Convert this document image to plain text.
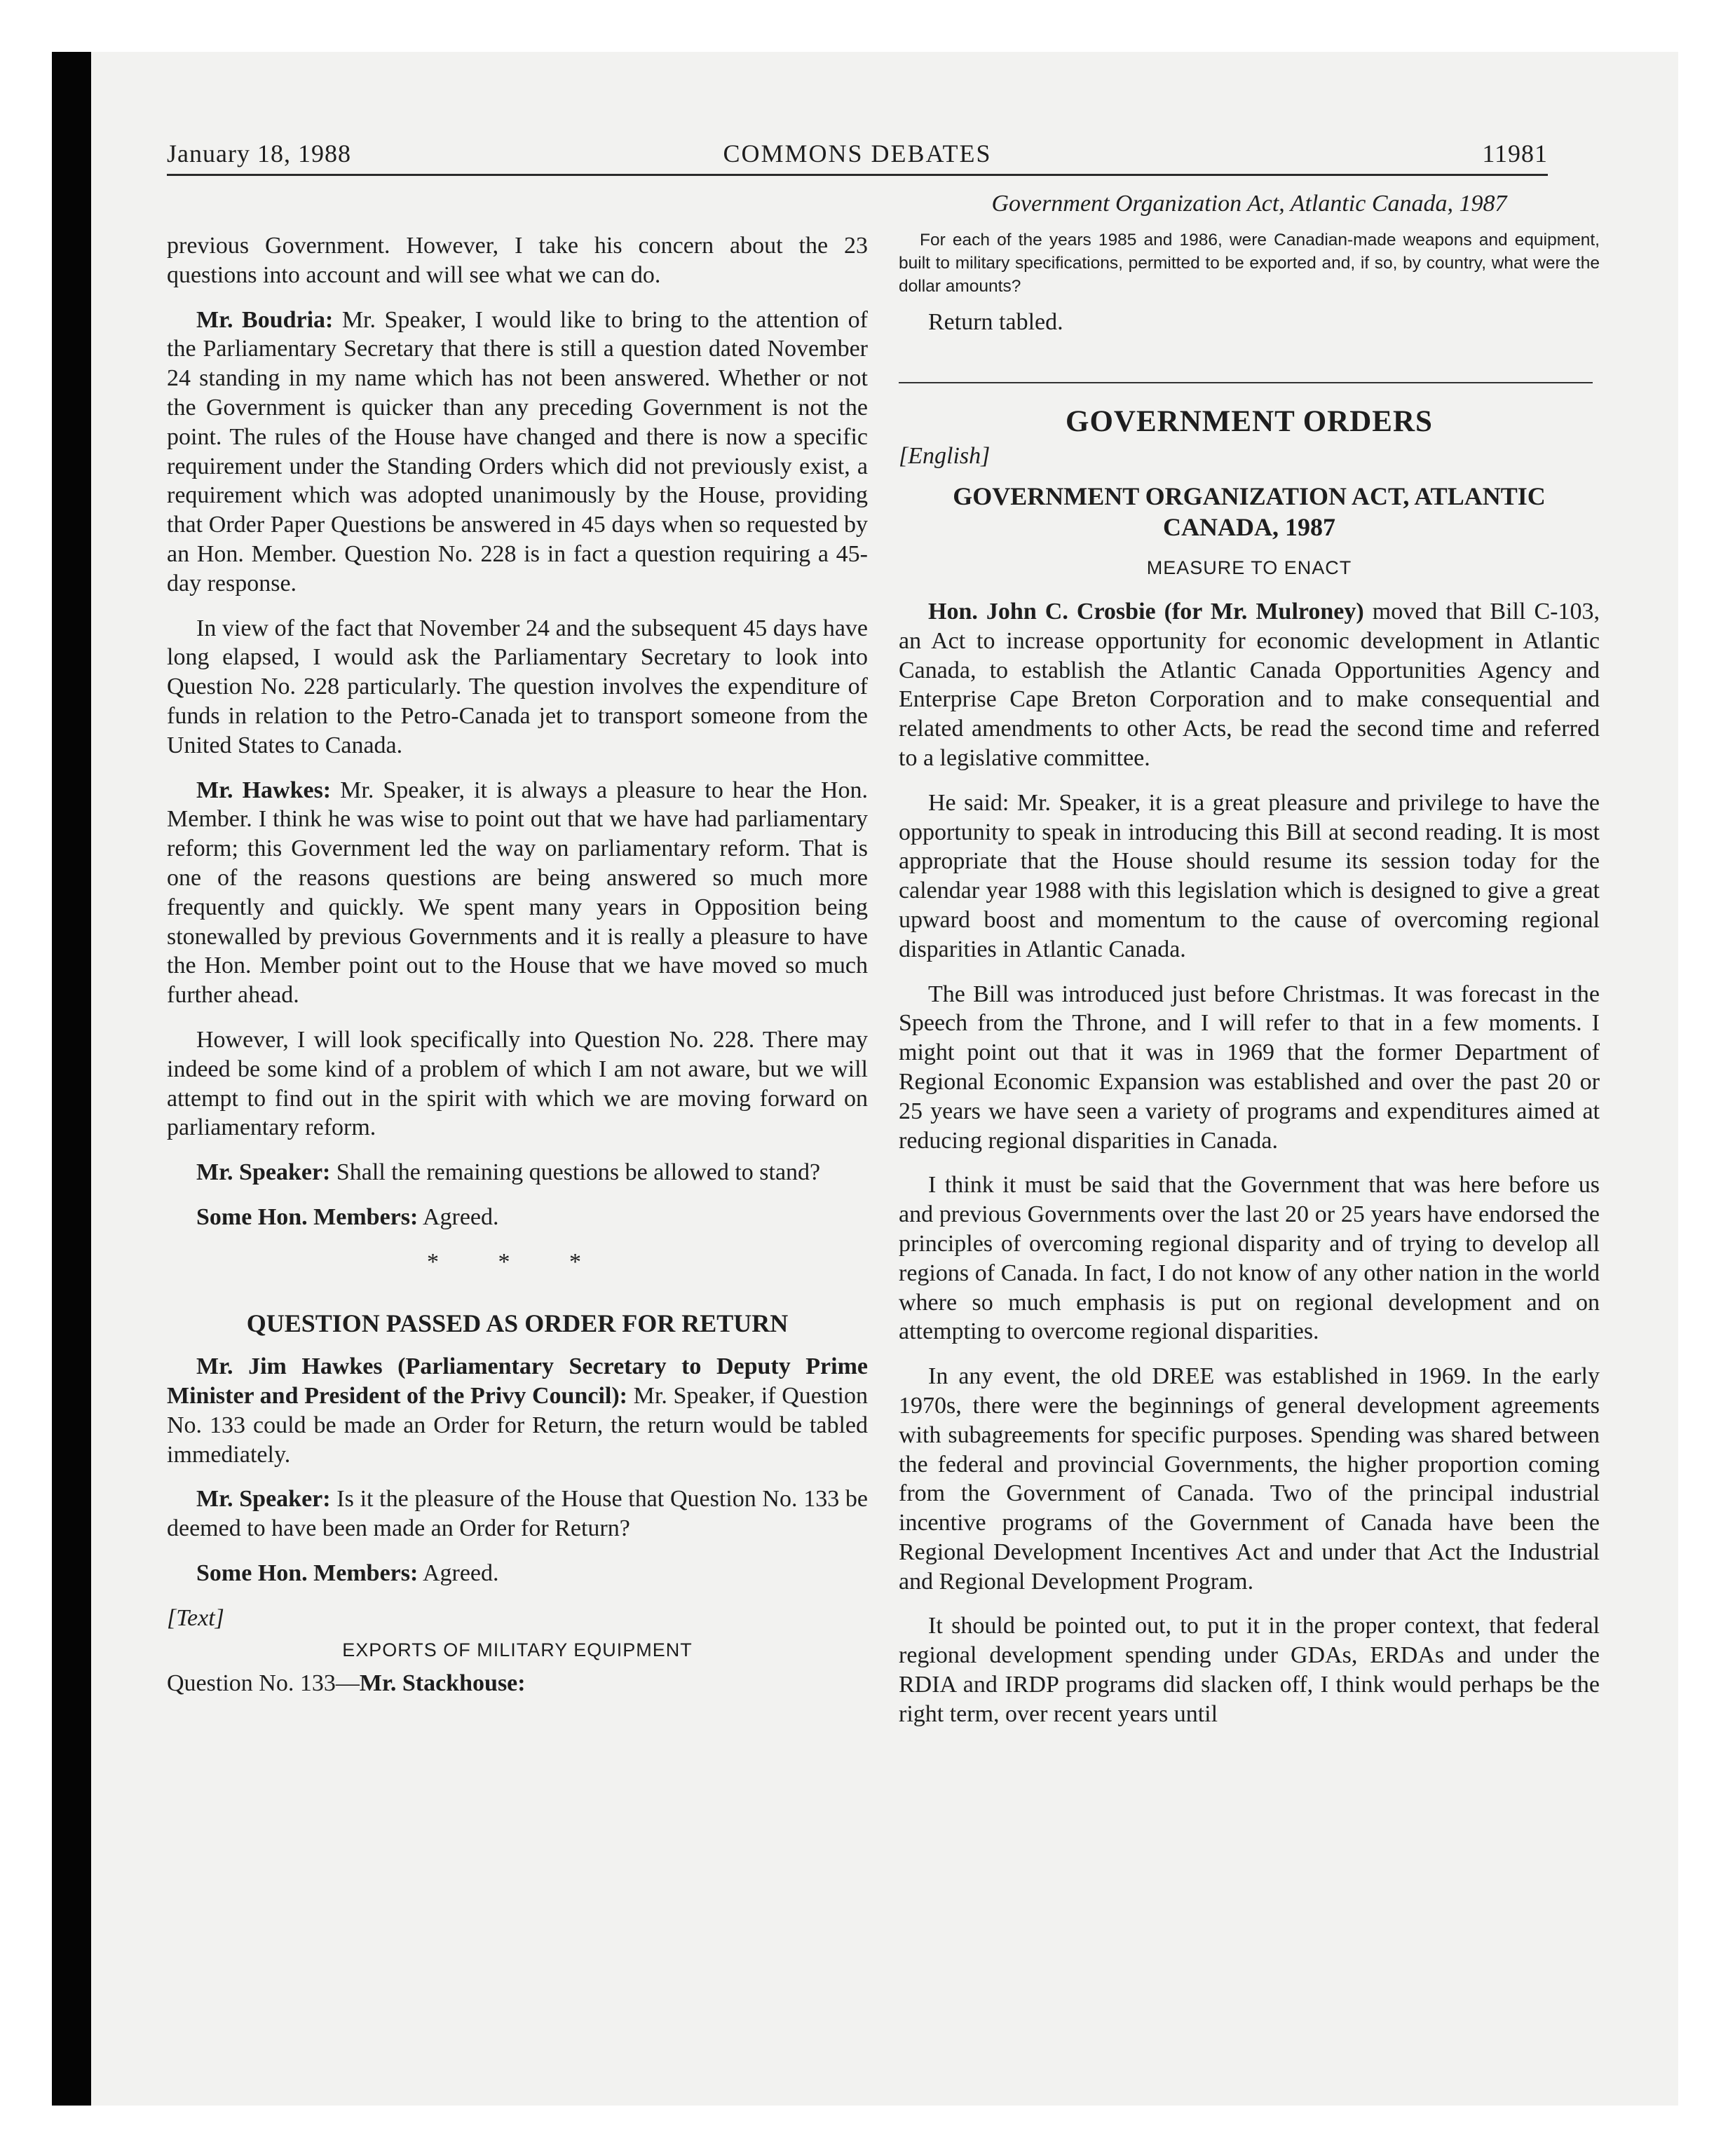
January 18, 1988	COMMONS DEBATES	11981

previous Government. However, I take his concern about the 23 questions into account and will see what we can do.

Mr. Boudria: Mr. Speaker, I would like to bring to the attention of the Parliamentary Secretary that there is still a question dated November 24 standing in my name which has not been answered. Whether or not the Government is quicker than any preceding Government is not the point. The rules of the House have changed and there is now a specific requirement under the Standing Orders which did not previously exist, a requirement which was adopted unanimously by the House, providing that Order Paper Questions be answered in 45 days when so requested by an Hon. Member. Question No. 228 is in fact a question requiring a 45-day response.

In view of the fact that November 24 and the subsequent 45 days have long elapsed, I would ask the Parliamentary Secretary to look into Question No. 228 particularly. The question involves the expenditure of funds in relation to the Petro-Canada jet to transport someone from the United States to Canada.

Mr. Hawkes: Mr. Speaker, it is always a pleasure to hear the Hon. Member. I think he was wise to point out that we have had parliamentary reform; this Government led the way on parliamentary reform. That is one of the reasons questions are being answered so much more frequently and quickly. We spent many years in Opposition being stonewalled by previous Governments and it is really a pleasure to have the Hon. Member point out to the House that we have moved so much further ahead.

However, I will look specifically into Question No. 228. There may indeed be some kind of a problem of which I am not aware, but we will attempt to find out in the spirit with which we are moving forward on parliamentary reform.

Mr. Speaker: Shall the remaining questions be allowed to stand?

Some Hon. Members: Agreed.

* * *
QUESTION PASSED AS ORDER FOR RETURN

Mr. Jim Hawkes (Parliamentary Secretary to Deputy Prime Minister and President of the Privy Council): Mr. Speaker, if Question No. 133 could be made an Order for Return, the return would be tabled immediately.

Mr. Speaker: Is it the pleasure of the House that Question No. 133 be deemed to have been made an Order for Return?

Some Hon. Members: Agreed.

[Text]
EXPORTS OF MILITARY EQUIPMENT

Question No. 133—Mr. Stackhouse:

Government Organization Act, Atlantic Canada, 1987

For each of the years 1985 and 1986, were Canadian-made weapons and equipment, built to military specifications, permitted to be exported and, if so, by country, what were the dollar amounts?

Return tabled.

GOVERNMENT ORDERS
[English]
GOVERNMENT ORGANIZATION ACT, ATLANTIC CANADA, 1987
MEASURE TO ENACT

Hon. John C. Crosbie (for Mr. Mulroney) moved that Bill C-103, an Act to increase opportunity for economic development in Atlantic Canada, to establish the Atlantic Canada Opportunities Agency and Enterprise Cape Breton Corporation and to make consequential and related amendments to other Acts, be read the second time and referred to a legislative committee.

He said: Mr. Speaker, it is a great pleasure and privilege to have the opportunity to speak in introducing this Bill at second reading. It is most appropriate that the House should resume its session today for the calendar year 1988 with this legislation which is designed to give a great upward boost and momentum to the cause of overcoming regional disparities in Atlantic Canada.

The Bill was introduced just before Christmas. It was forecast in the Speech from the Throne, and I will refer to that in a few moments. I might point out that it was in 1969 that the former Department of Regional Economic Expansion was established and over the past 20 or 25 years we have seen a variety of programs and expenditures aimed at reducing regional disparities in Canada.

I think it must be said that the Government that was here before us and previous Governments over the last 20 or 25 years have endorsed the principles of overcoming regional disparity and of trying to develop all regions of Canada. In fact, I do not know of any other nation in the world where so much emphasis is put on regional development and on attempting to overcome regional disparities.

In any event, the old DREE was established in 1969. In the early 1970s, there were the beginnings of general development agreements with subagreements for specific purposes. Spending was shared between the federal and provincial Governments, the higher proportion coming from the Government of Canada. Two of the principal industrial incentive programs of the Government of Canada have been the Regional Development Incentives Act and under that Act the Industrial and Regional Development Program.

It should be pointed out, to put it in the proper context, that federal regional development spending under GDAs, ERDAs and under the RDIA and IRDP programs did slacken off, I think would perhaps be the right term, over recent years until
